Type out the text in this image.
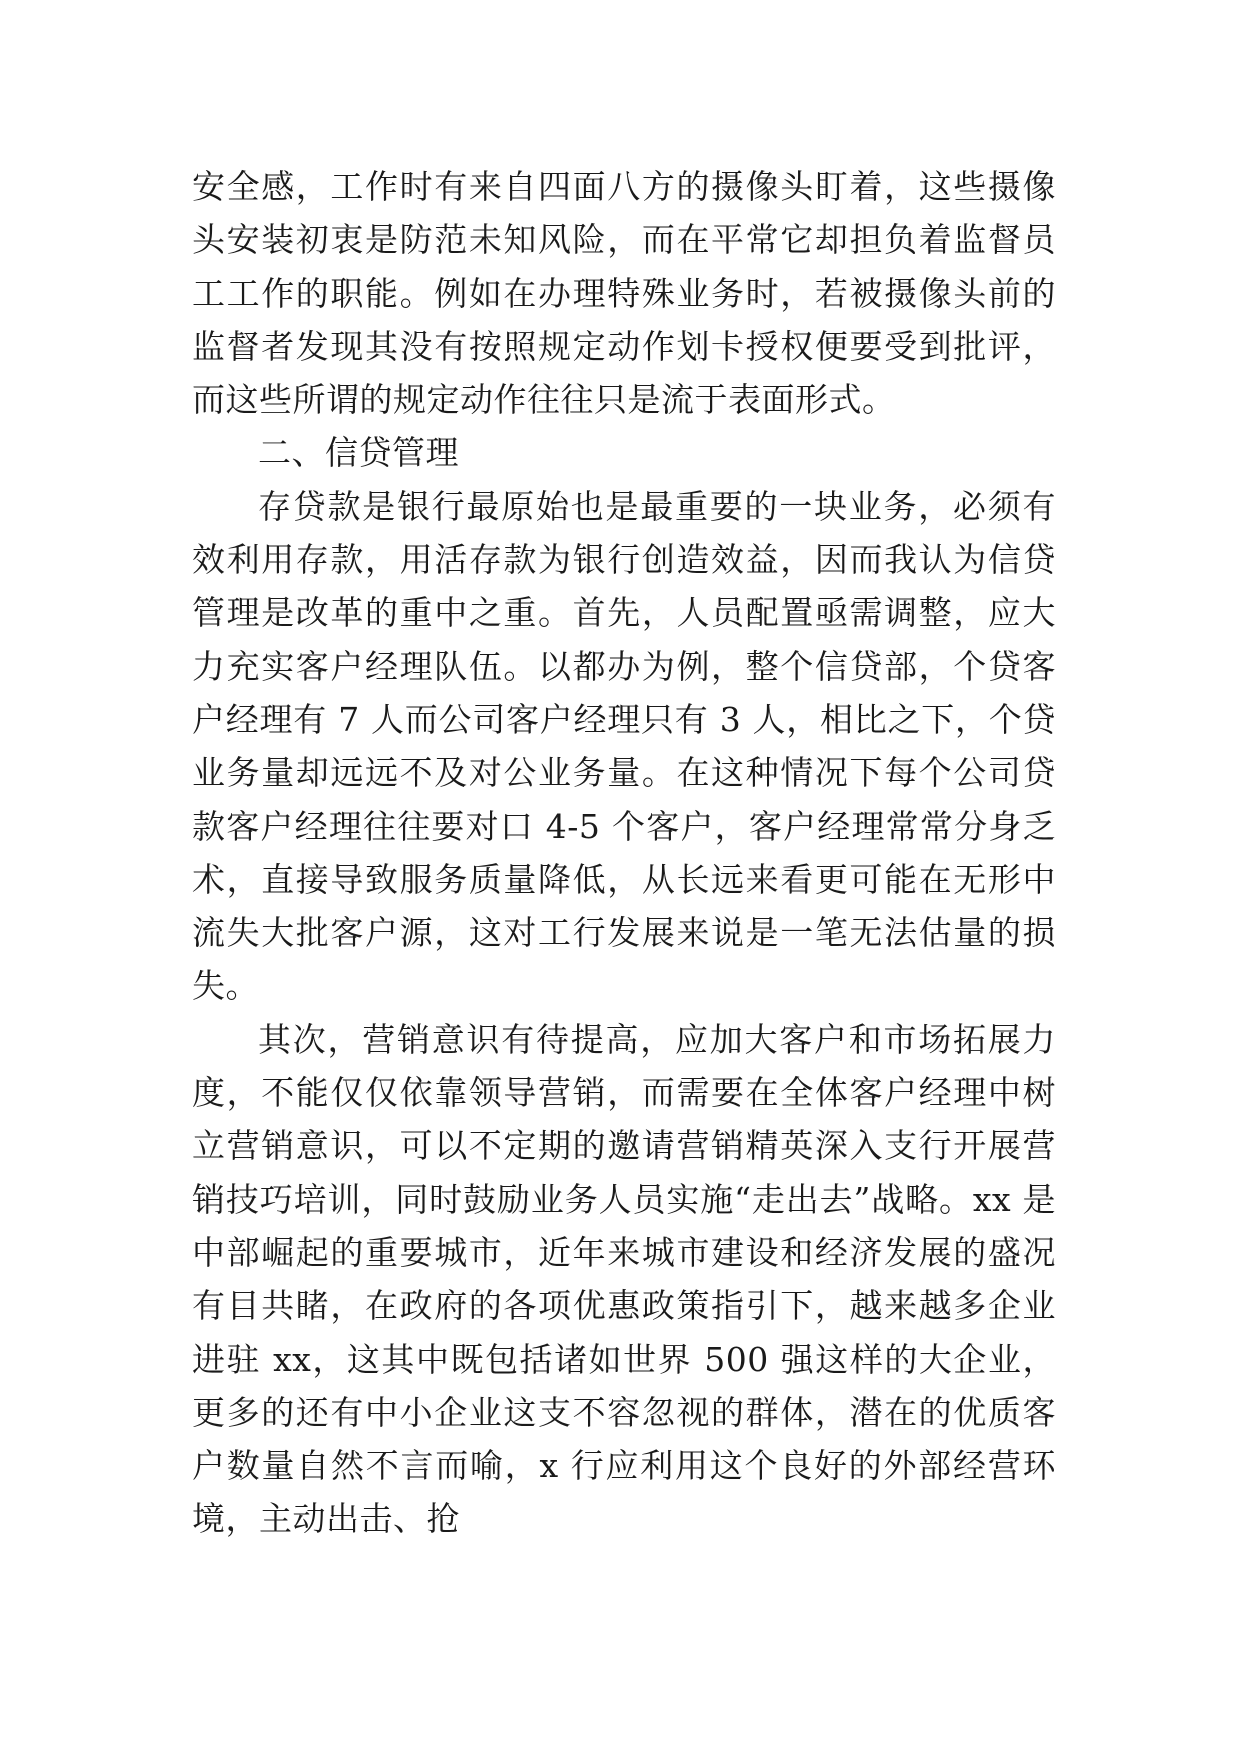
安全感，工作时有来自四面八方的摄像头盯着，这些摄像头安装初衷是防范未知风险，而在平常它却担负着监督员工工作的职能。例如在办理特殊业务时，若被摄像头前的监督者发现其没有按照规定动作划卡授权便要受到批评，而这些所谓的规定动作往往只是流于表面形式。

二、信贷管理

存贷款是银行最原始也是最重要的一块业务，必须有效利用存款，用活存款为银行创造效益，因而我认为信贷管理是改革的重中之重。首先，人员配置亟需调整，应大力充实客户经理队伍。以都办为例，整个信贷部，个贷客户经理有 7 人而公司客户经理只有 3 人，相比之下，个贷业务量却远远不及对公业务量。在这种情况下每个公司贷款客户经理往往要对口 4-5 个客户，客户经理常常分身乏术，直接导致服务质量降低，从长远来看更可能在无形中流失大批客户源，这对工行发展来说是一笔无法估量的损失。

其次，营销意识有待提高，应加大客户和市场拓展力度，不能仅仅依靠领导营销，而需要在全体客户经理中树立营销意识，可以不定期的邀请营销精英深入支行开展营销技巧培训，同时鼓励业务人员实施“走出去”战略。xx 是中部崛起的重要城市，近年来城市建设和经济发展的盛况有目共睹，在政府的各项优惠政策指引下，越来越多企业进驻 xx，这其中既包括诸如世界 500 强这样的大企业，更多的还有中小企业这支不容忽视的群体，潜在的优质客户数量自然不言而喻，x 行应利用这个良好的外部经营环境，主动出击、抢
